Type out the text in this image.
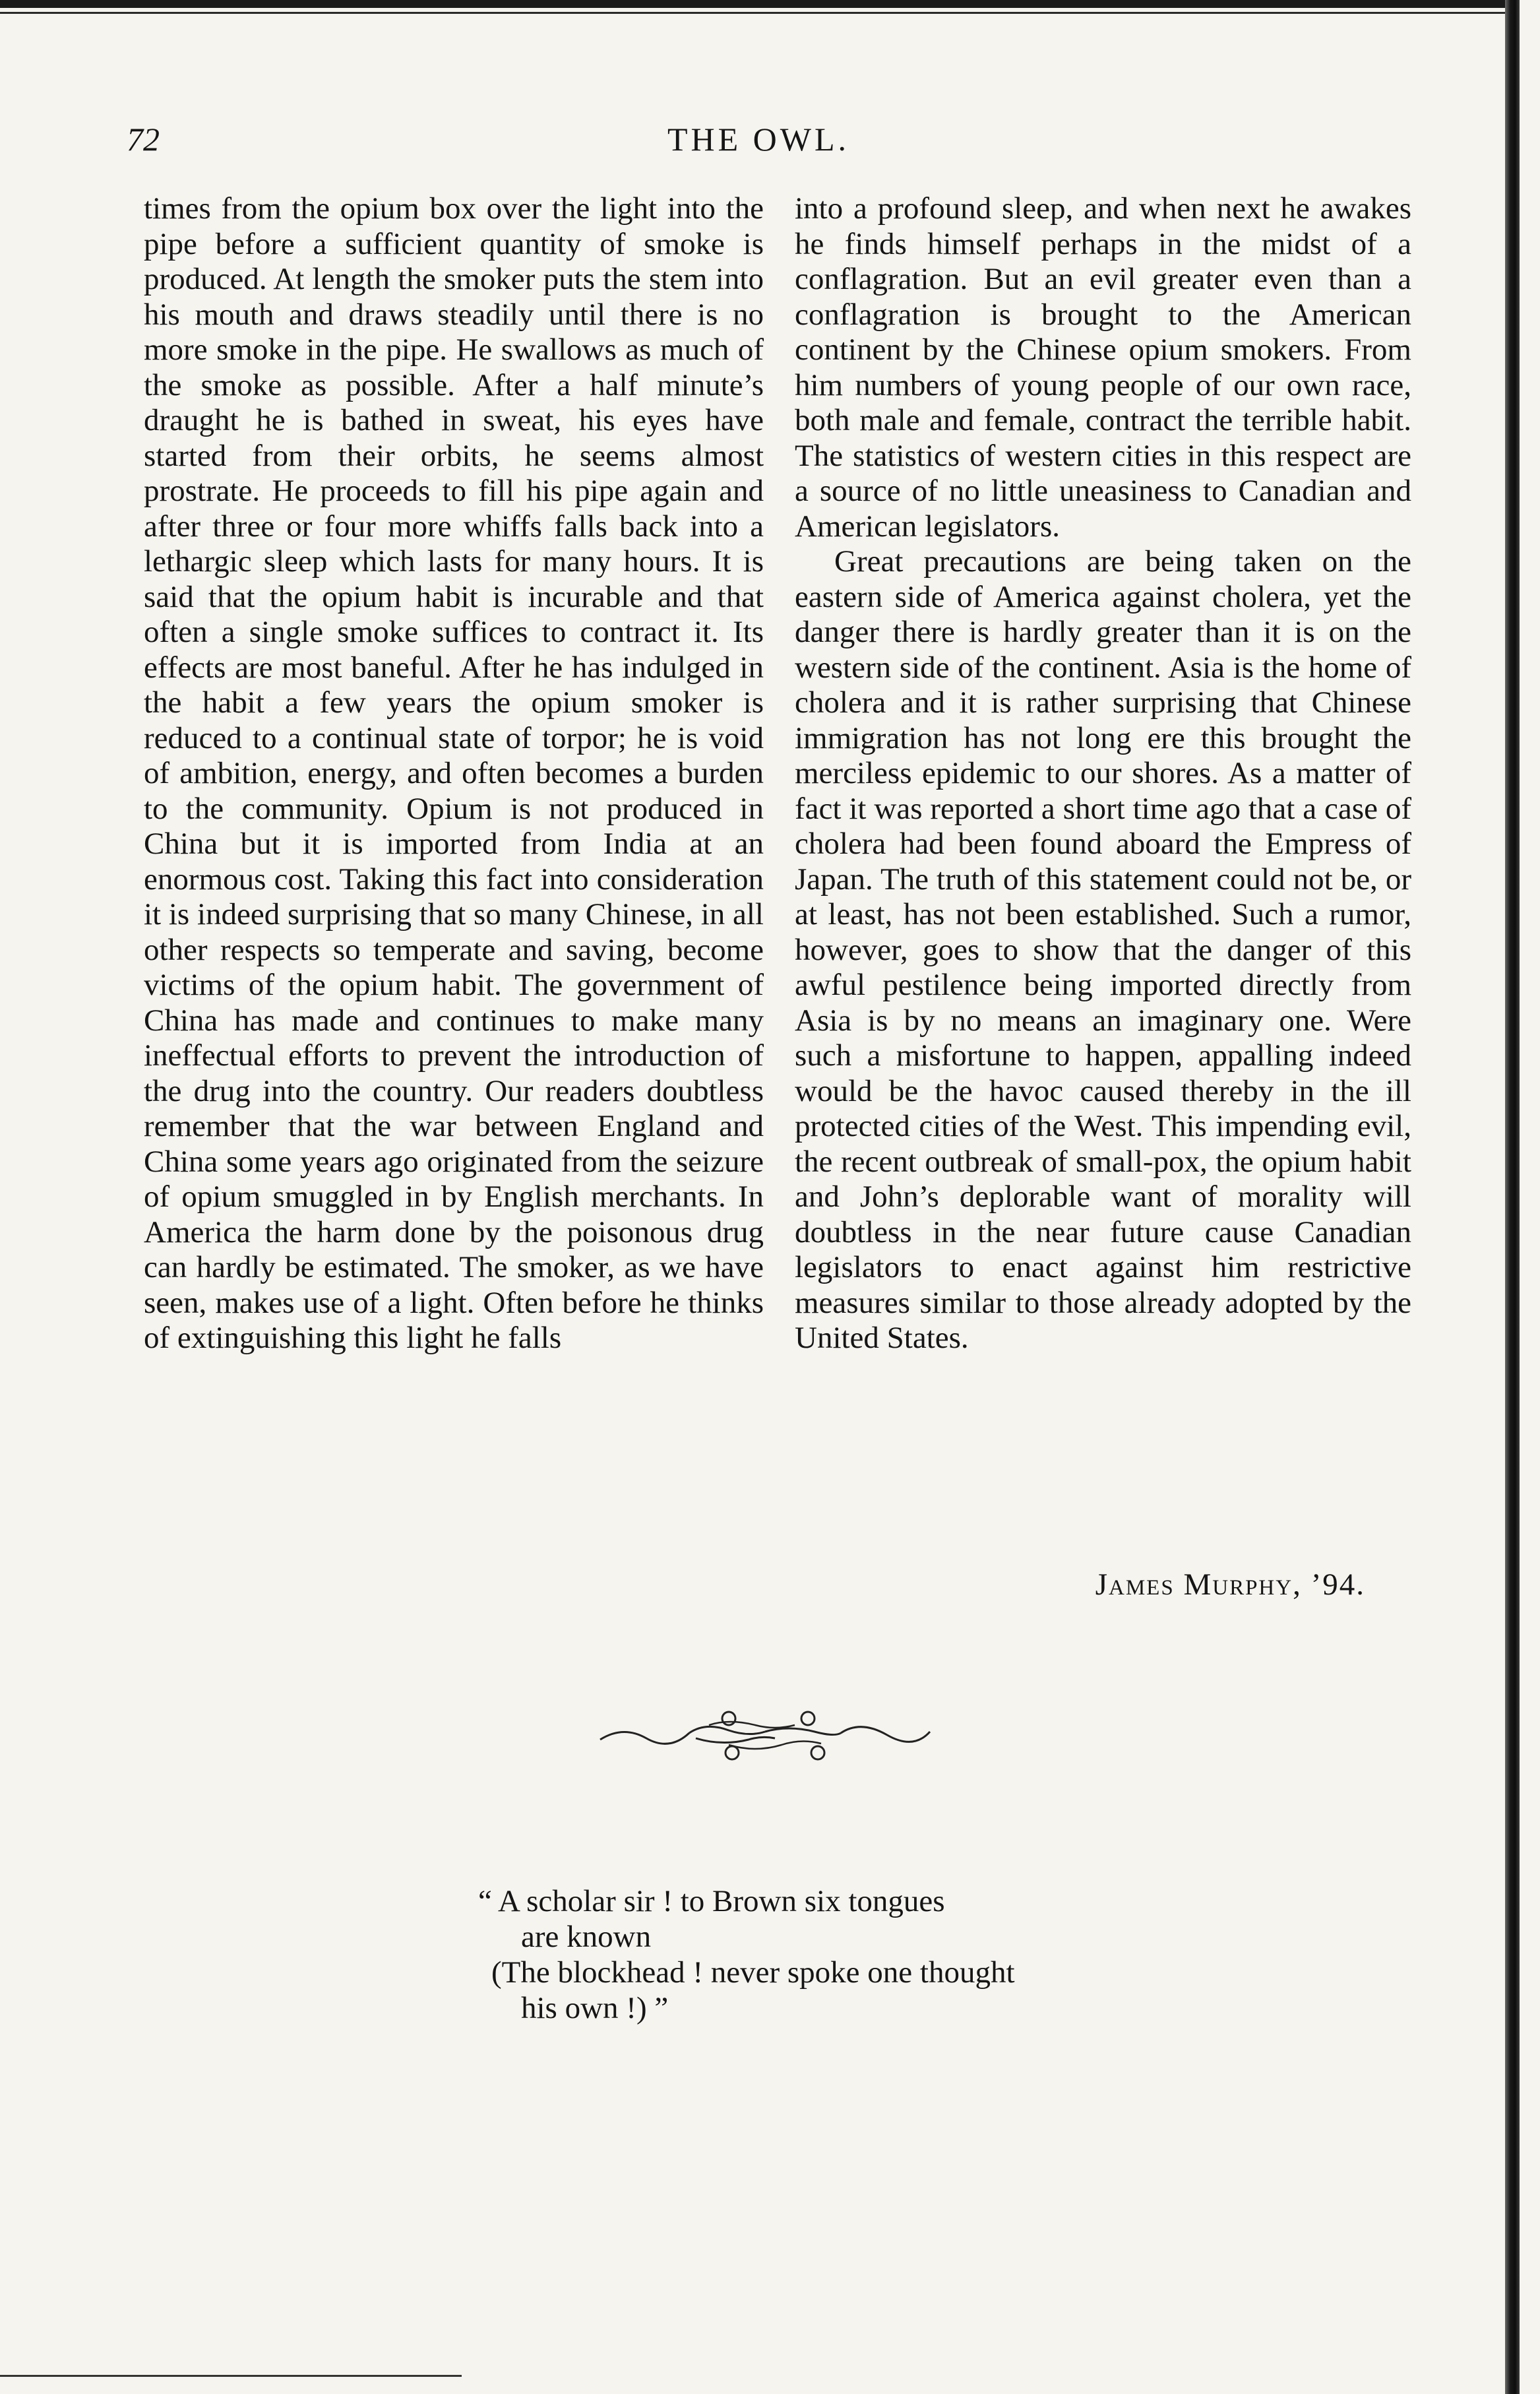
72	THE OWL.

times from the opium box over the light into the pipe before a sufficient quantity of smoke is produced. At length the smoker puts the stem into his mouth and draws steadily until there is no more smoke in the pipe. He swallows as much of the smoke as possible. After a half minute’s draught he is bathed in sweat, his eyes have started from their orbits, he seems almost prostrate. He proceeds to fill his pipe again and after three or four more whiffs falls back into a lethargic sleep which lasts for many hours. It is said that the opium habit is incurable and that often a single smoke suffices to contract it. Its effects are most baneful. After he has indulged in the habit a few years the opium smoker is reduced to a continual state of torpor; he is void of ambition, energy, and often becomes a burden to the community. Opium is not produced in China but it is imported from India at an enormous cost. Taking this fact into consideration it is indeed surprising that so many Chinese, in all other respects so temperate and saving, become victims of the opium habit. The government of China has made and continues to make many ineffectual efforts to prevent the introduction of the drug into the country. Our readers doubtless remember that the war between England and China some years ago originated from the seizure of opium smuggled in by English merchants. In America the harm done by the poisonous drug can hardly be estimated. The smoker, as we have seen, makes use of a light. Often before he thinks of extinguishing this light he falls

into a profound sleep, and when next he awakes he finds himself perhaps in the midst of a conflagration. But an evil greater even than a conflagration is brought to the American continent by the Chinese opium smokers. From him numbers of young people of our own race, both male and female, contract the terrible habit. The statistics of western cities in this respect are a source of no little uneasiness to Canadian and American legislators.

Great precautions are being taken on the eastern side of America against cholera, yet the danger there is hardly greater than it is on the western side of the continent. Asia is the home of cholera and it is rather surprising that Chinese immigration has not long ere this brought the merciless epidemic to our shores. As a matter of fact it was reported a short time ago that a case of cholera had been found aboard the Empress of Japan. The truth of this statement could not be, or at least, has not been established. Such a rumor, however, goes to show that the danger of this awful pestilence being imported directly from Asia is by no means an imaginary one. Were such a misfortune to happen, appalling indeed would be the havoc caused thereby in the ill protected cities of the West. This impending evil, the recent outbreak of small-pox, the opium habit and John’s deplorable want of morality will doubtless in the near future cause Canadian legislators to enact against him restrictive measures similar to those already adopted by the United States.

James Murphy, ’94.
“ A scholar sir ! to Brown six tongues
are known
(The blockhead ! never spoke one thought
his own !) ”
